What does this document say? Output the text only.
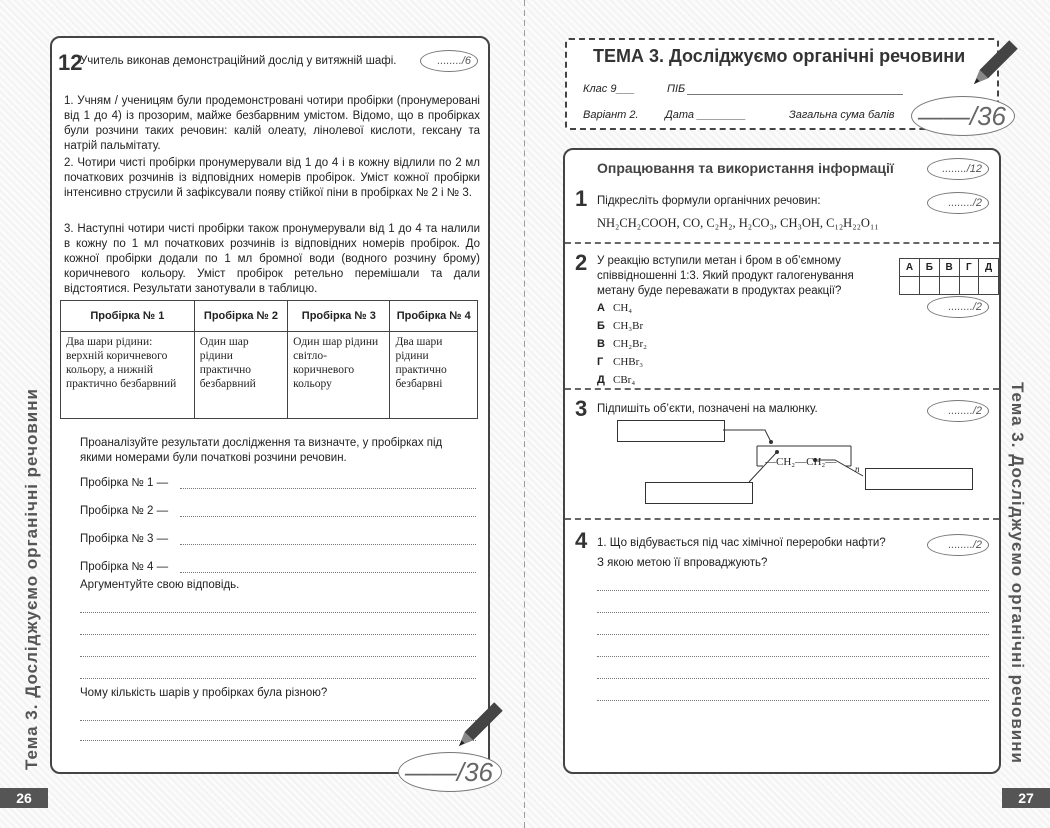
Тема 3. Досліджуємо органічні речовини
12
Учитель виконав демонстраційний дослід у витяжній шафі.	......../6
1. Учням / ученицям були продемонстровані чотири пробірки (пронумеровані від 1 до 4) із прозорим, майже безбарвним умістом. Відомо, що в пробірках були розчини таких речовин: калій олеату, лінолевої кислоти, гексану та натрій пальмітату.
2. Чотири чисті пробірки пронумерували від 1 до 4 і в кожну відлили по 2 мл початкових розчинів із відповідних номерів пробірок. Уміст кожної пробірки інтенсивно струсили й зафіксували появу стійкої піни в пробірках № 2 і № 3.
3. Наступні чотири чисті пробірки також пронумерували від 1 до 4 та налили в кожну по 1 мл початкових розчинів із відповідних номерів пробірок. До кожної пробірки додали по 1 мл бромної води (водного розчину брому) коричневого кольору. Уміст пробірок ретельно перемішали та дали відстоятися. Результати занотували в таблицю.
Пробірка № 1	Пробірка № 2	Пробірка № 3	Пробірка № 4
Два шари рідини: верхній коричневого кольору, а нижній практично безбарвний	Один шар рідини практично безбарвний	Один шар рідини світло-коричневого кольору	Два шари рідини практично безбарвні
Проаналізуйте результати дослідження та визначте, у пробірках під якими номерами були початкові розчини речовин.
Пробірка № 1 —
Пробірка № 2 —
Пробірка № 3 —
Пробірка № 4 —
Аргументуйте свою відповідь.
Чому кількість шарів у пробірках була різною?
——/36
26
Тема 3. Досліджуємо органічні речовини
ТЕМА 3. Досліджуємо органічні речовини
Клас 9___	ПІБ
Варіант 2. Дата ________	Загальна сума балів ——/36
Опрацювання та використання інформації	......../12
1 Підкресліть формули органічних речовин:	......../2
NH₂CH₂COOH, CO, C₂H₂, H₂CO₃, CH₃OH, C₁₂H₂₂O₁₁
2 У реакцію вступили метан і бром в об’ємному співвідношенні 1:3. Який продукт галогенування метану буде переважати в продуктах реакції?
А	Б	В	Г	Д

......../2
А CH₄
Б CH₃Br
В CH₂Br₂
Г CHBr₃
Д CBr₄
3 Підпишіть об’єкти, позначені на малюнку.	......../2
—CH₂—CH₂—
n
4 1. Що відбувається під час хімічної переробки нафти?	......../2
З якою метою її впроваджують?
27
